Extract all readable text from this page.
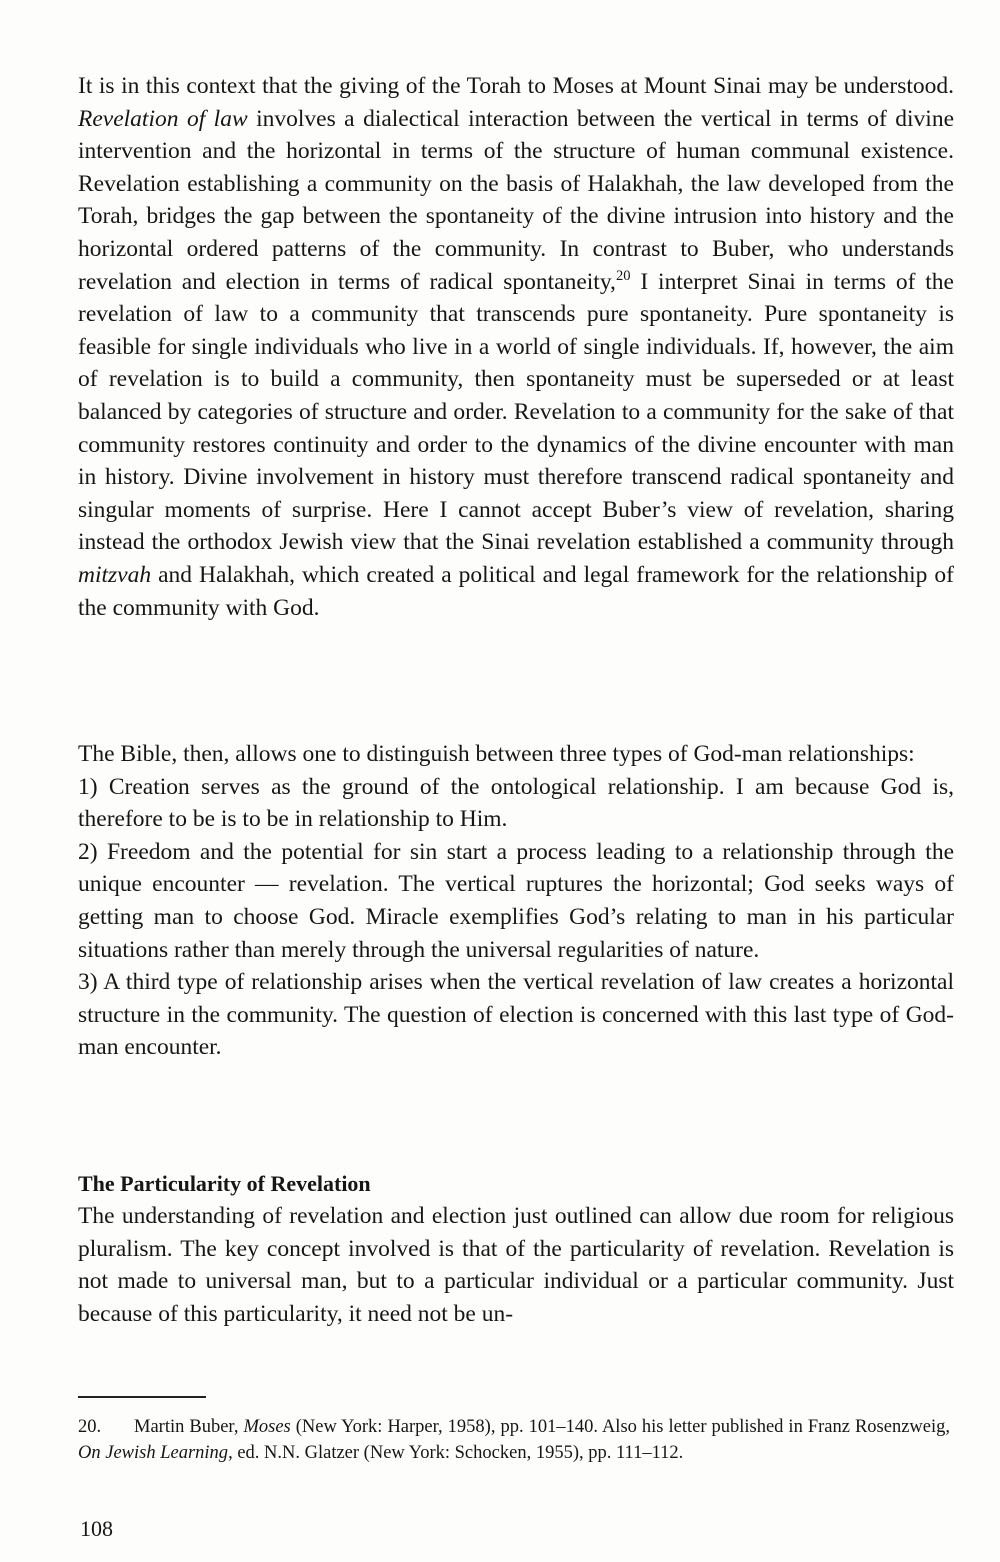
It is in this context that the giving of the Torah to Moses at Mount Sinai may be understood. Revelation of law involves a dialectical interaction between the vertical in terms of divine intervention and the horizontal in terms of the structure of human communal existence. Revelation establishing a community on the basis of Halakhah, the law developed from the Torah, bridges the gap between the spontaneity of the divine intrusion into history and the horizontal ordered patterns of the community. In contrast to Buber, who understands revelation and election in terms of radical spontaneity,$^{20}$ I interpret Sinai in terms of the revelation of law to a community that transcends pure spontaneity. Pure spontaneity is feasible for single individuals who live in a world of single individuals. If, however, the aim of revelation is to build a community, then spontaneity must be superseded or at least balanced by categories of structure and order. Revelation to a community for the sake of that community restores continuity and order to the dynamics of the divine encounter with man in history. Divine involvement in history must therefore transcend radical spontaneity and singular moments of surprise. Here I cannot accept Buber’s view of revelation, sharing instead the orthodox Jewish view that the Sinai revelation established a community through mitzvah and Halakhah, which created a political and legal framework for the relationship of the community with God.

The Bible, then, allows one to distinguish between three types of God-man relationships:

1) Creation serves as the ground of the ontological relationship. I am because God is, therefore to be is to be in relationship to Him.

2) Freedom and the potential for sin start a process leading to a relationship through the unique encounter — revelation. The vertical ruptures the horizontal; God seeks ways of getting man to choose God. Miracle exemplifies God’s relating to man in his particular situations rather than merely through the universal regularities of nature.

3) A third type of relationship arises when the vertical revelation of law creates a horizontal structure in the community. The question of election is concerned with this last type of God-man encounter.

The Particularity of Revelation

The understanding of revelation and election just outlined can allow due room for religious pluralism. The key concept involved is that of the particularity of revelation. Revelation is not made to universal man, but to a particular individual or a particular community. Just because of this particularity, it need not be un-

20. Martin Buber, Moses (New York: Harper, 1958), pp. 101–140. Also his letter published in Franz Rosenzweig, On Jewish Learning, ed. N.N. Glatzer (New York: Schocken, 1955), pp. 111–112.
108
